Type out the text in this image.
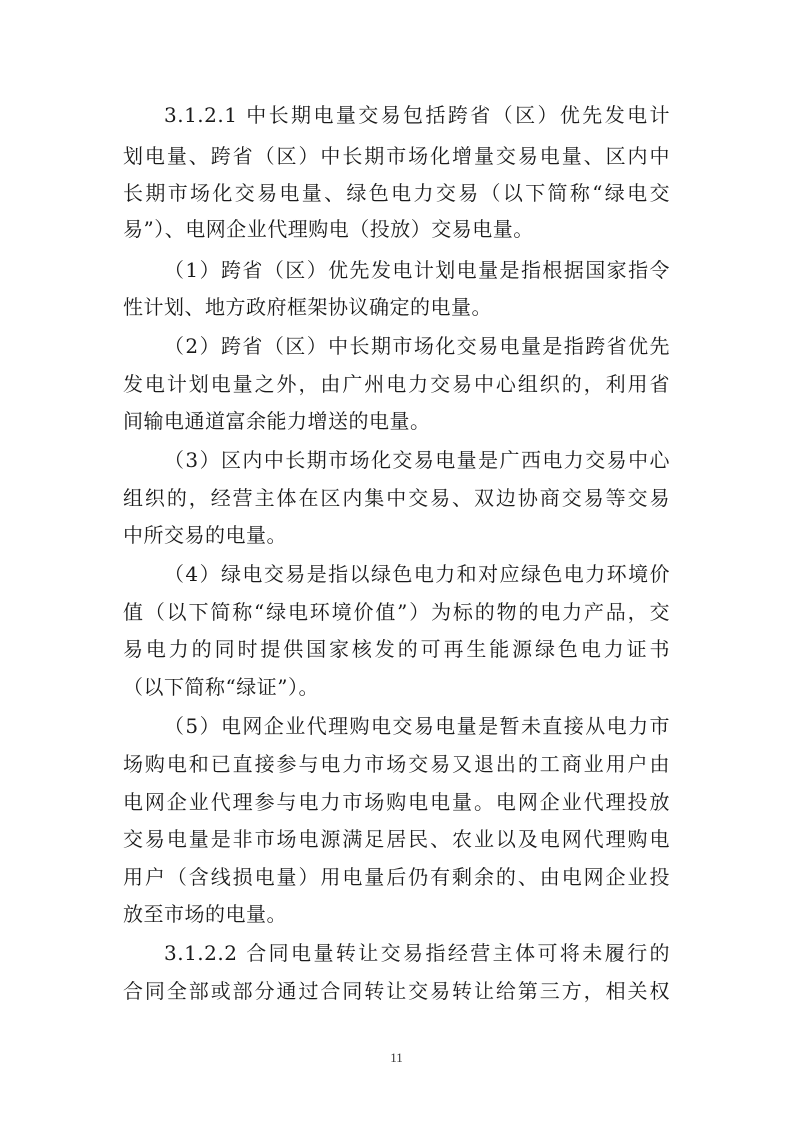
3.1.2.1 中长期电量交易包括跨省（区）优先发电计
划电量、跨省（区）中长期市场化增量交易电量、区内中
长期市场化交易电量、绿色电力交易（以下简称“绿电交
易”）、电网企业代理购电（投放）交易电量。
（1）跨省（区）优先发电计划电量是指根据国家指令
性计划、地方政府框架协议确定的电量。
（2）跨省（区）中长期市场化交易电量是指跨省优先
发电计划电量之外，由广州电力交易中心组织的，利用省
间输电通道富余能力增送的电量。
（3）区内中长期市场化交易电量是广西电力交易中心
组织的，经营主体在区内集中交易、双边协商交易等交易
中所交易的电量。
（4）绿电交易是指以绿色电力和对应绿色电力环境价
值（以下简称“绿电环境价值”）为标的物的电力产品，交
易电力的同时提供国家核发的可再生能源绿色电力证书
（以下简称“绿证”）。
（5）电网企业代理购电交易电量是暂未直接从电力市
场购电和已直接参与电力市场交易又退出的工商业用户由
电网企业代理参与电力市场购电电量。电网企业代理投放
交易电量是非市场电源满足居民、农业以及电网代理购电
用户（含线损电量）用电量后仍有剩余的、由电网企业投
放至市场的电量。
3.1.2.2 合同电量转让交易指经营主体可将未履行的
合同全部或部分通过合同转让交易转让给第三方，相关权
11
